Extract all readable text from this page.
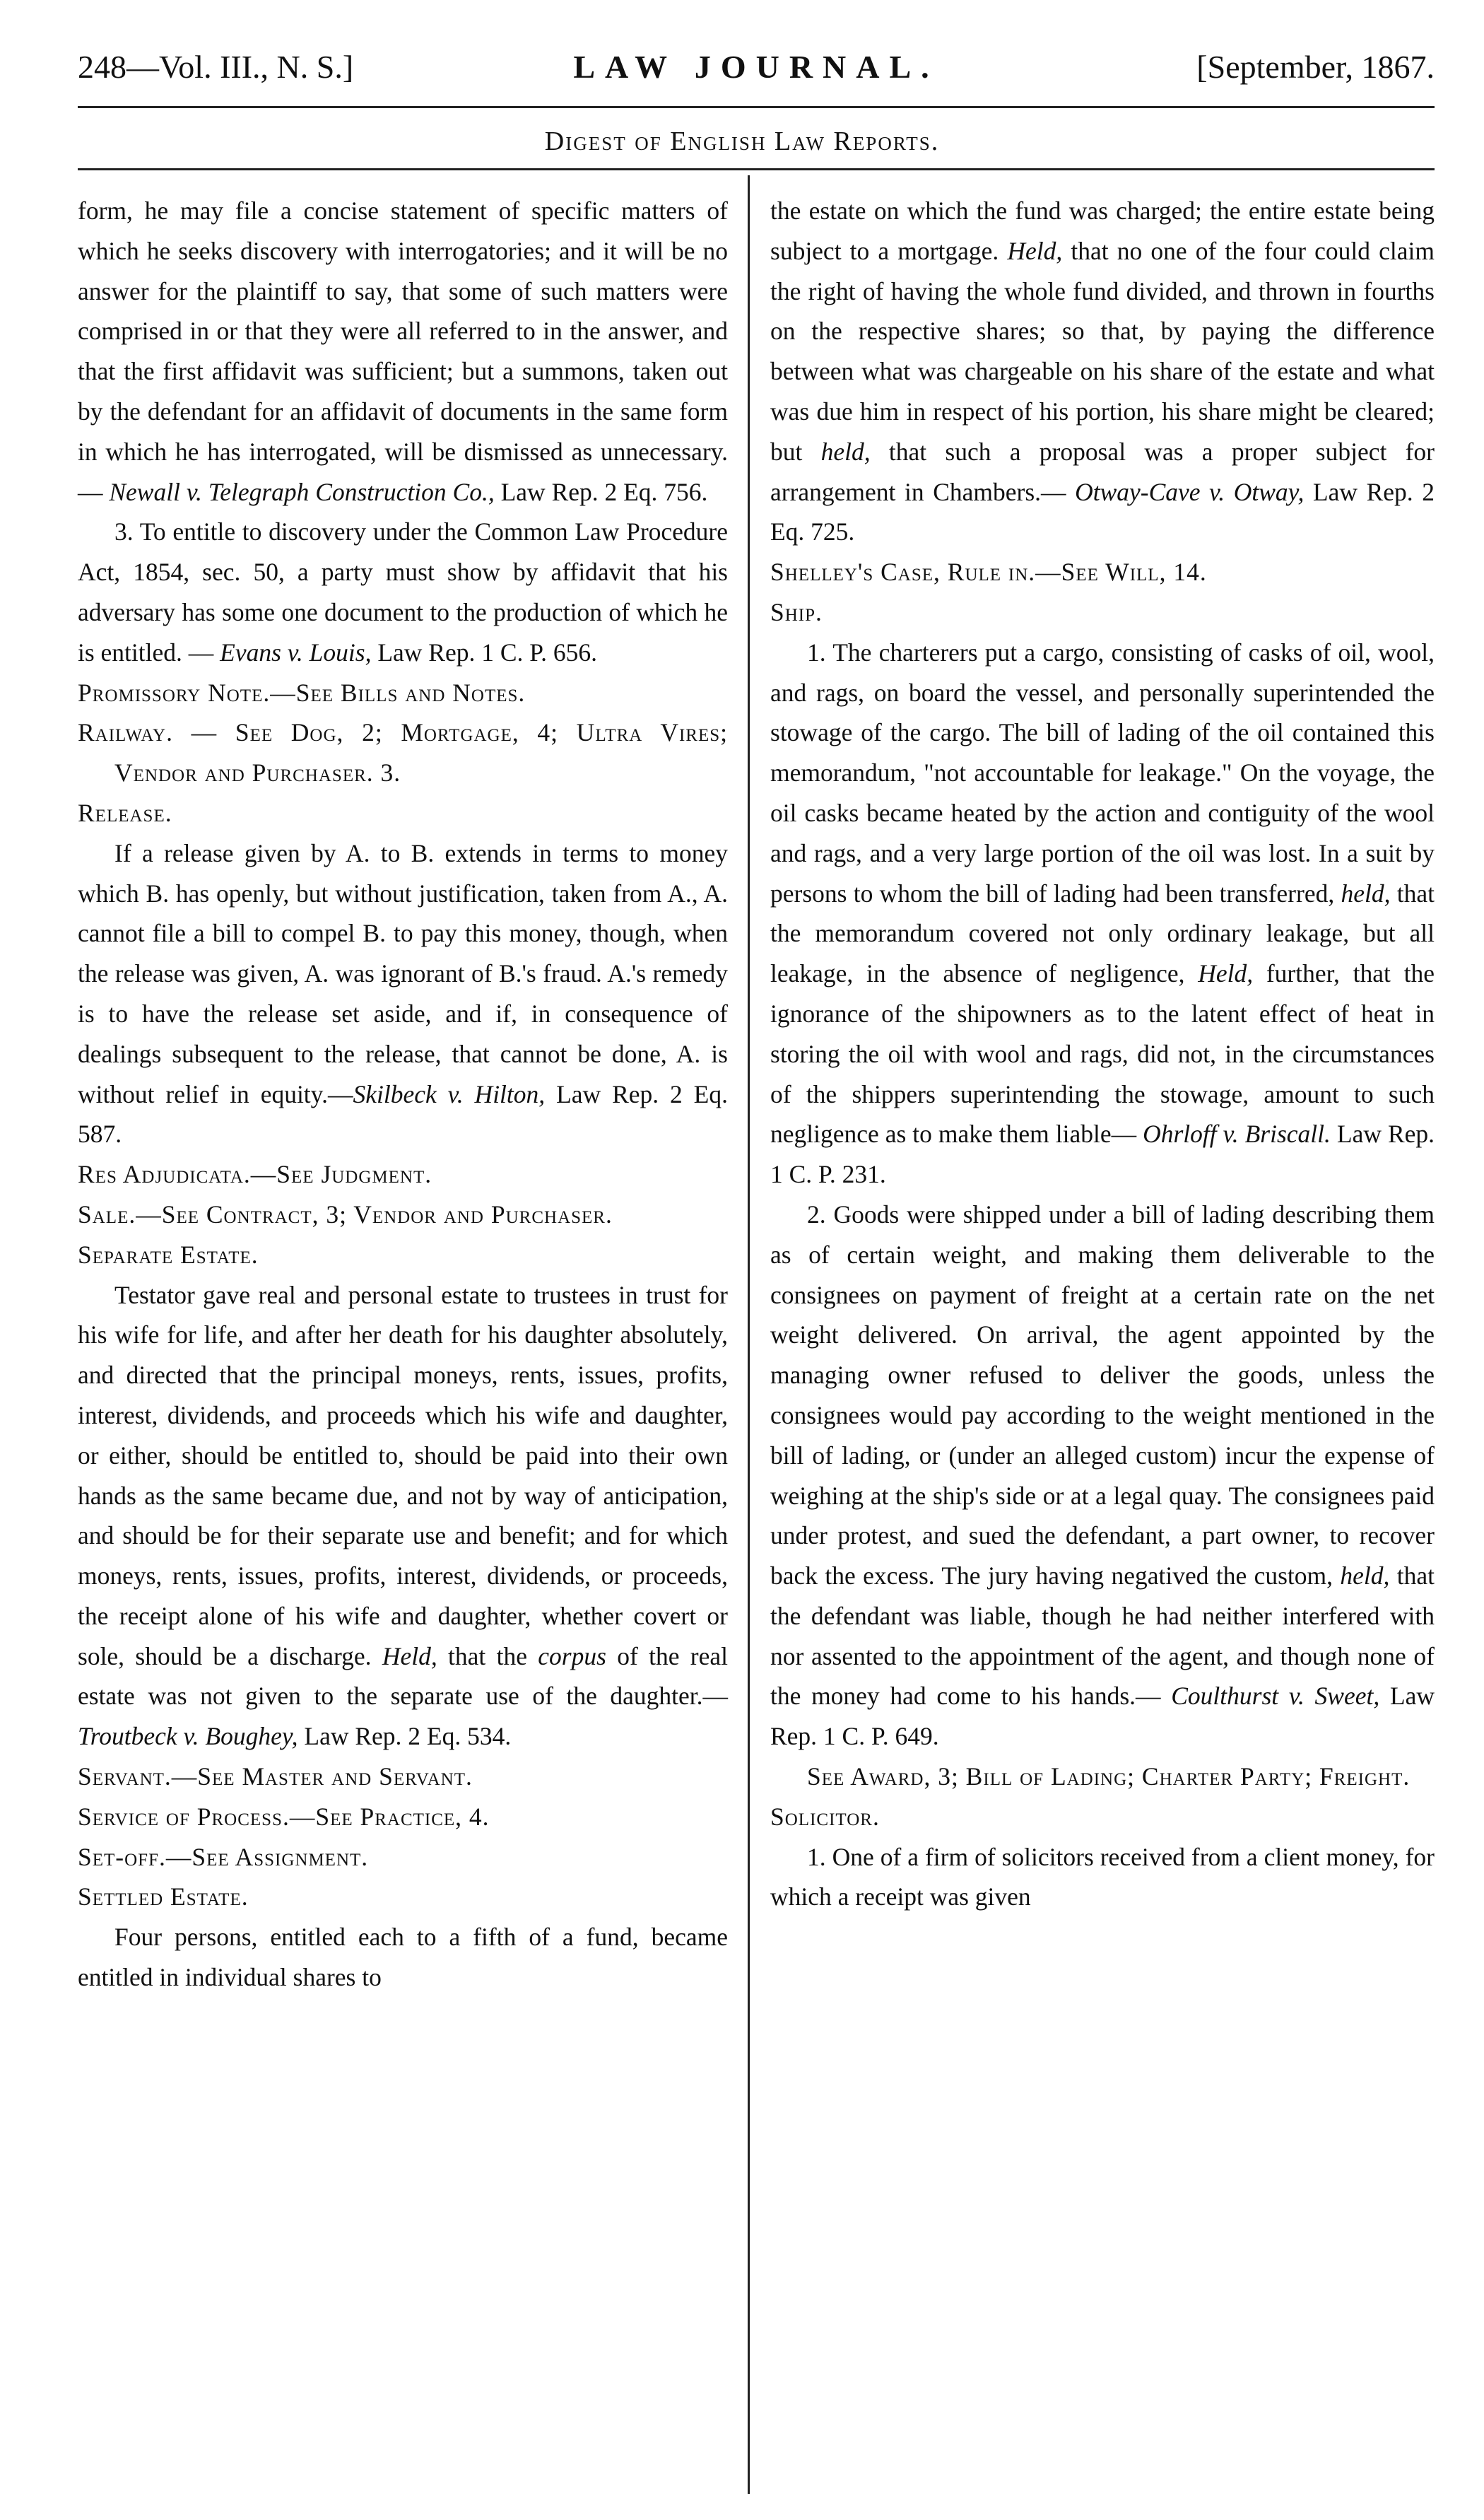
248—Vol. III., N. S.]	LAW JOURNAL.	[September, 1867.
Digest of English Law Reports.

form, he may file a concise statement of specific matters of which he seeks discovery with interrogatories; and it will be no answer for the plaintiff to say, that some of such matters were comprised in or that they were all referred to in the answer, and that the first affidavit was sufficient; but a summons, taken out by the defendant for an affidavit of documents in the same form in which he has interrogated, will be dismissed as unnecessary. — Newall v. Telegraph Construction Co., Law Rep. 2 Eq. 756.

3. To entitle to discovery under the Common Law Procedure Act, 1854, sec. 50, a party must show by affidavit that his adversary has some one document to the production of which he is entitled. — Evans v. Louis, Law Rep. 1 C. P. 656.

Promissory Note.—See Bills and Notes.

Railway. — See Dog, 2; Mortgage, 4; Ultra Vires; Vendor and Purchaser. 3.

Release.

If a release given by A. to B. extends in terms to money which B. has openly, but without justification, taken from A., A. cannot file a bill to compel B. to pay this money, though, when the release was given, A. was ignorant of B.'s fraud. A.'s remedy is to have the release set aside, and if, in consequence of dealings subsequent to the release, that cannot be done, A. is without relief in equity.—Skilbeck v. Hilton, Law Rep. 2 Eq. 587.

Res Adjudicata.—See Judgment.

Sale.—See Contract, 3; Vendor and Purchaser.

Separate Estate.

Testator gave real and personal estate to trustees in trust for his wife for life, and after her death for his daughter absolutely, and directed that the principal moneys, rents, issues, profits, interest, dividends, and proceeds which his wife and daughter, or either, should be entitled to, should be paid into their own hands as the same became due, and not by way of anticipation, and should be for their separate use and benefit; and for which moneys, rents, issues, profits, interest, dividends, or proceeds, the receipt alone of his wife and daughter, whether covert or sole, should be a discharge. Held, that the corpus of the real estate was not given to the separate use of the daughter.— Troutbeck v. Boughey, Law Rep. 2 Eq. 534.

Servant.—See Master and Servant.

Service of Process.—See Practice, 4.

Set-off.—See Assignment.

Settled Estate.

Four persons, entitled each to a fifth of a fund, became entitled in individual shares to

the estate on which the fund was charged; the entire estate being subject to a mortgage. Held, that no one of the four could claim the right of having the whole fund divided, and thrown in fourths on the respective shares; so that, by paying the difference between what was chargeable on his share of the estate and what was due him in respect of his portion, his share might be cleared; but held, that such a proposal was a proper subject for arrangement in Chambers.— Otway-Cave v. Otway, Law Rep. 2 Eq. 725.

Shelley's Case, Rule in.—See Will, 14.

Ship.

1. The charterers put a cargo, consisting of casks of oil, wool, and rags, on board the vessel, and personally superintended the stowage of the cargo. The bill of lading of the oil contained this memorandum, "not accountable for leakage." On the voyage, the oil casks became heated by the action and contiguity of the wool and rags, and a very large portion of the oil was lost. In a suit by persons to whom the bill of lading had been transferred, held, that the memorandum covered not only ordinary leakage, but all leakage, in the absence of negligence, Held, further, that the ignorance of the shipowners as to the latent effect of heat in storing the oil with wool and rags, did not, in the circumstances of the shippers superintending the stowage, amount to such negligence as to make them liable— Ohrloff v. Briscall. Law Rep. 1 C. P. 231.

2. Goods were shipped under a bill of lading describing them as of certain weight, and making them deliverable to the consignees on payment of freight at a certain rate on the net weight delivered. On arrival, the agent appointed by the managing owner refused to deliver the goods, unless the consignees would pay according to the weight mentioned in the bill of lading, or (under an alleged custom) incur the expense of weighing at the ship's side or at a legal quay. The consignees paid under protest, and sued the defendant, a part owner, to recover back the excess. The jury having negatived the custom, held, that the defendant was liable, though he had neither interfered with nor assented to the appointment of the agent, and though none of the money had come to his hands.— Coulthurst v. Sweet, Law Rep. 1 C. P. 649.

See Award, 3; Bill of Lading; Charter Party; Freight.

Solicitor.

1. One of a firm of solicitors received from a client money, for which a receipt was given
